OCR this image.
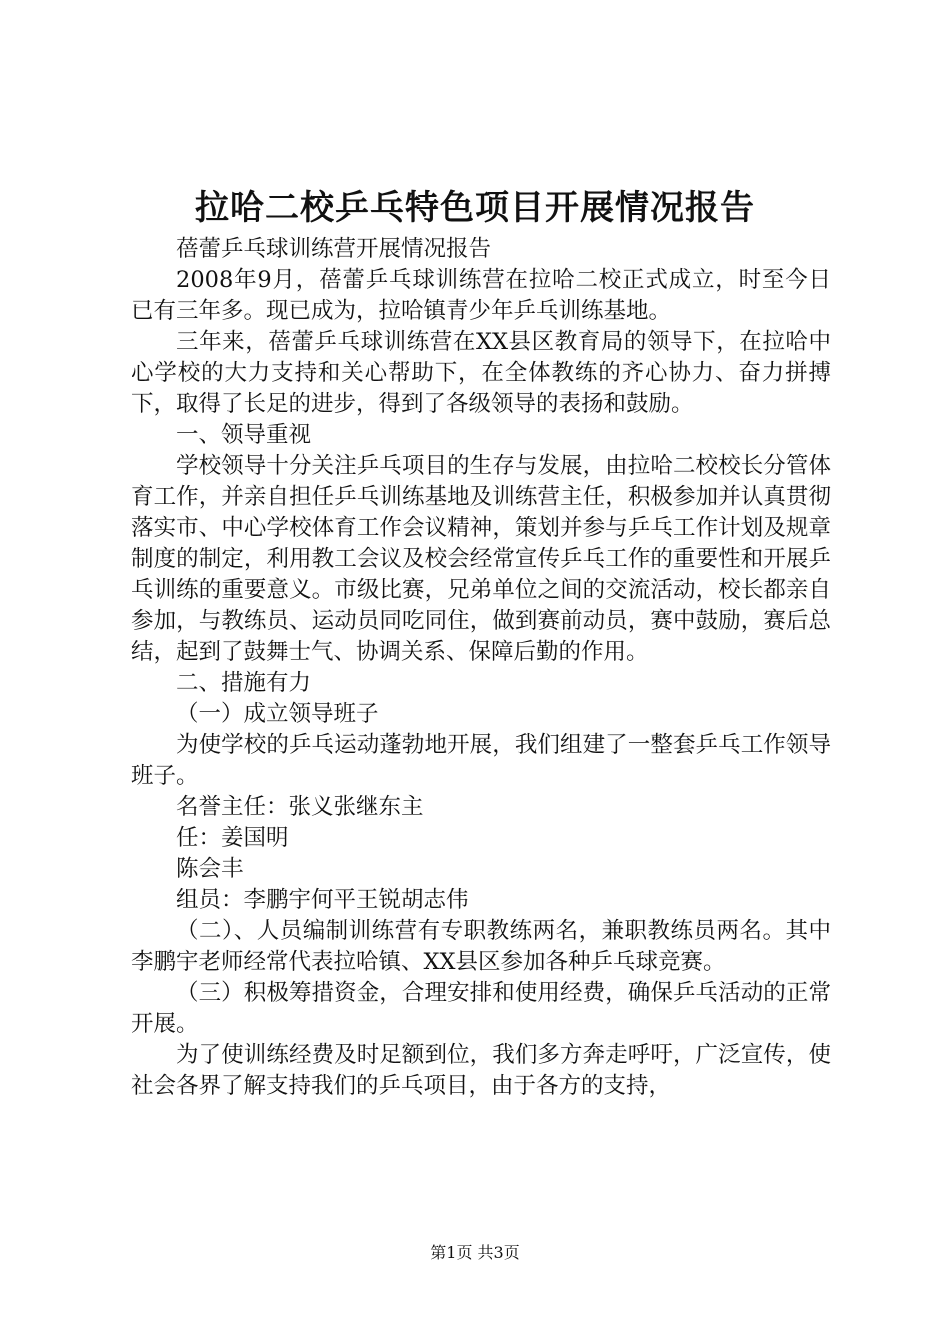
拉哈二校乒乓特色项目开展情况报告

蓓蕾乒乓球训练营开展情况报告

2008年9月，蓓蕾乒乓球训练营在拉哈二校正式成立，时至今日已有三年多。现已成为，拉哈镇青少年乒乓训练基地。

三年来，蓓蕾乒乓球训练营在XX县区教育局的领导下，在拉哈中心学校的大力支持和关心帮助下，在全体教练的齐心协力、奋力拼搏下，取得了长足的进步，得到了各级领导的表扬和鼓励。

一、领导重视

学校领导十分关注乒乓项目的生存与发展，由拉哈二校校长分管体育工作，并亲自担任乒乓训练基地及训练营主任，积极参加并认真贯彻落实市、中心学校体育工作会议精神，策划并参与乒乓工作计划及规章制度的制定，利用教工会议及校会经常宣传乒乓工作的重要性和开展乒乓训练的重要意义。市级比赛，兄弟单位之间的交流活动，校长都亲自参加，与教练员、运动员同吃同住，做到赛前动员，赛中鼓励，赛后总结，起到了鼓舞士气、协调关系、保障后勤的作用。

二、措施有力

（一）成立领导班子

为使学校的乒乓运动蓬勃地开展，我们组建了一整套乒乓工作领导班子。

名誉主任：张义张继东主

任：姜国明

陈会丰

组员：李鹏宇何平王锐胡志伟

（二）、人员编制训练营有专职教练两名，兼职教练员两名。其中李鹏宇老师经常代表拉哈镇、XX县区参加各种乒乓球竞赛。

（三）积极筹措资金，合理安排和使用经费，确保乒乓活动的正常开展。

为了使训练经费及时足额到位，我们多方奔走呼吁，广泛宣传，使社会各界了解支持我们的乒乓项目，由于各方的支持，

第1页 共3页
